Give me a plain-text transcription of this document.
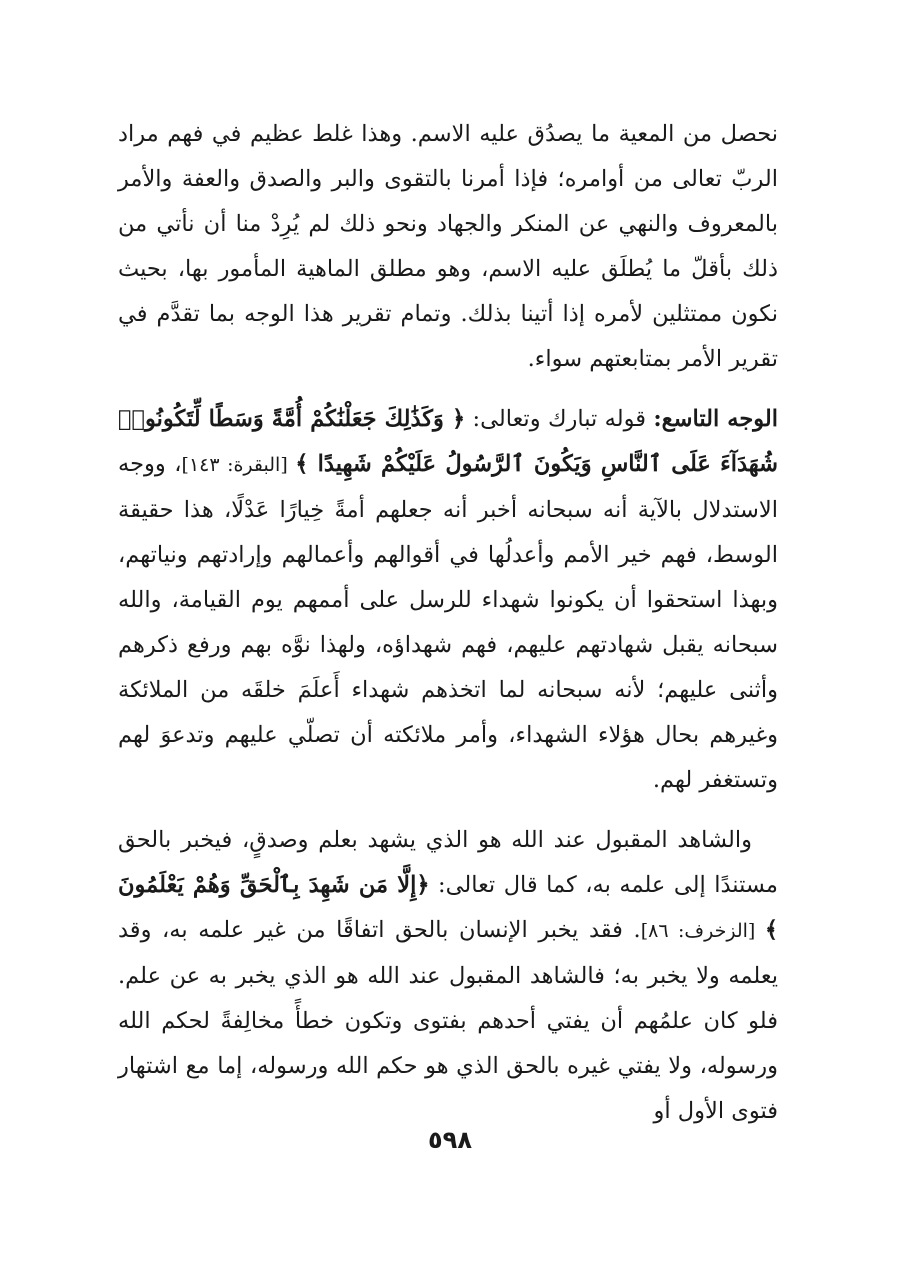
نحصل من المعية ما يصدُق عليه الاسم. وهذا غلط عظيم في فهم مراد الربّ تعالى من أوامره؛ فإذا أمرنا بالتقوى والبر والصدق والعفة والأمر بالمعروف والنهي عن المنكر والجهاد ونحو ذلك لم يُرِدْ منا أن نأتي من ذلك بأقلّ ما يُطلَق عليه الاسم، وهو مطلق الماهية المأمور بها، بحيث نكون ممتثلين لأمره إذا أتينا بذلك. وتمام تقرير هذا الوجه بما تقدَّم في تقرير الأمر بمتابعتهم سواء.

الوجه التاسع: قوله تبارك وتعالى: ﴿ وَكَذَٰلِكَ جَعَلْنَٰكُمْ أُمَّةً وَسَطًا لِّتَكُونُوا۟ شُهَدَآءَ عَلَى ٱلنَّاسِ وَيَكُونَ ٱلرَّسُولُ عَلَيْكُمْ شَهِيدًا ﴾ [البقرة: ١٤٣]، ووجه الاستدلال بالآية أنه سبحانه أخبر أنه جعلهم أمةً خِيارًا عَدْلًا، هذا حقيقة الوسط، فهم خير الأمم وأعدلُها في أقوالهم وأعمالهم وإرادتهم ونياتهم، وبهذا استحقوا أن يكونوا شهداء للرسل على أممهم يوم القيامة، والله سبحانه يقبل شهادتهم عليهم، فهم شهداؤه، ولهذا نوَّه بهم ورفع ذكرهم وأثنى عليهم؛ لأنه سبحانه لما اتخذهم شهداء أَعلَمَ خلقَه من الملائكة وغيرهم بحال هؤلاء الشهداء، وأمر ملائكته أن تصلّي عليهم وتدعوَ لهم وتستغفر لهم.

والشاهد المقبول عند الله هو الذي يشهد بعلم وصدقٍ، فيخبر بالحق مستندًا إلى علمه به، كما قال تعالى: ﴿إِلَّا مَن شَهِدَ بِٱلْحَقِّ وَهُمْ يَعْلَمُونَ ﴾ [الزخرف: ٨٦]. فقد يخبر الإنسان بالحق اتفاقًا من غير علمه به، وقد يعلمه ولا يخبر به؛ فالشاهد المقبول عند الله هو الذي يخبر به عن علم. فلو كان علمُهم أن يفتي أحدهم بفتوى وتكون خطأً مخالِفةً لحكم الله ورسوله، ولا يفتي غيره بالحق الذي هو حكم الله ورسوله، إما مع اشتهار فتوى الأول أو

٥٩٨
